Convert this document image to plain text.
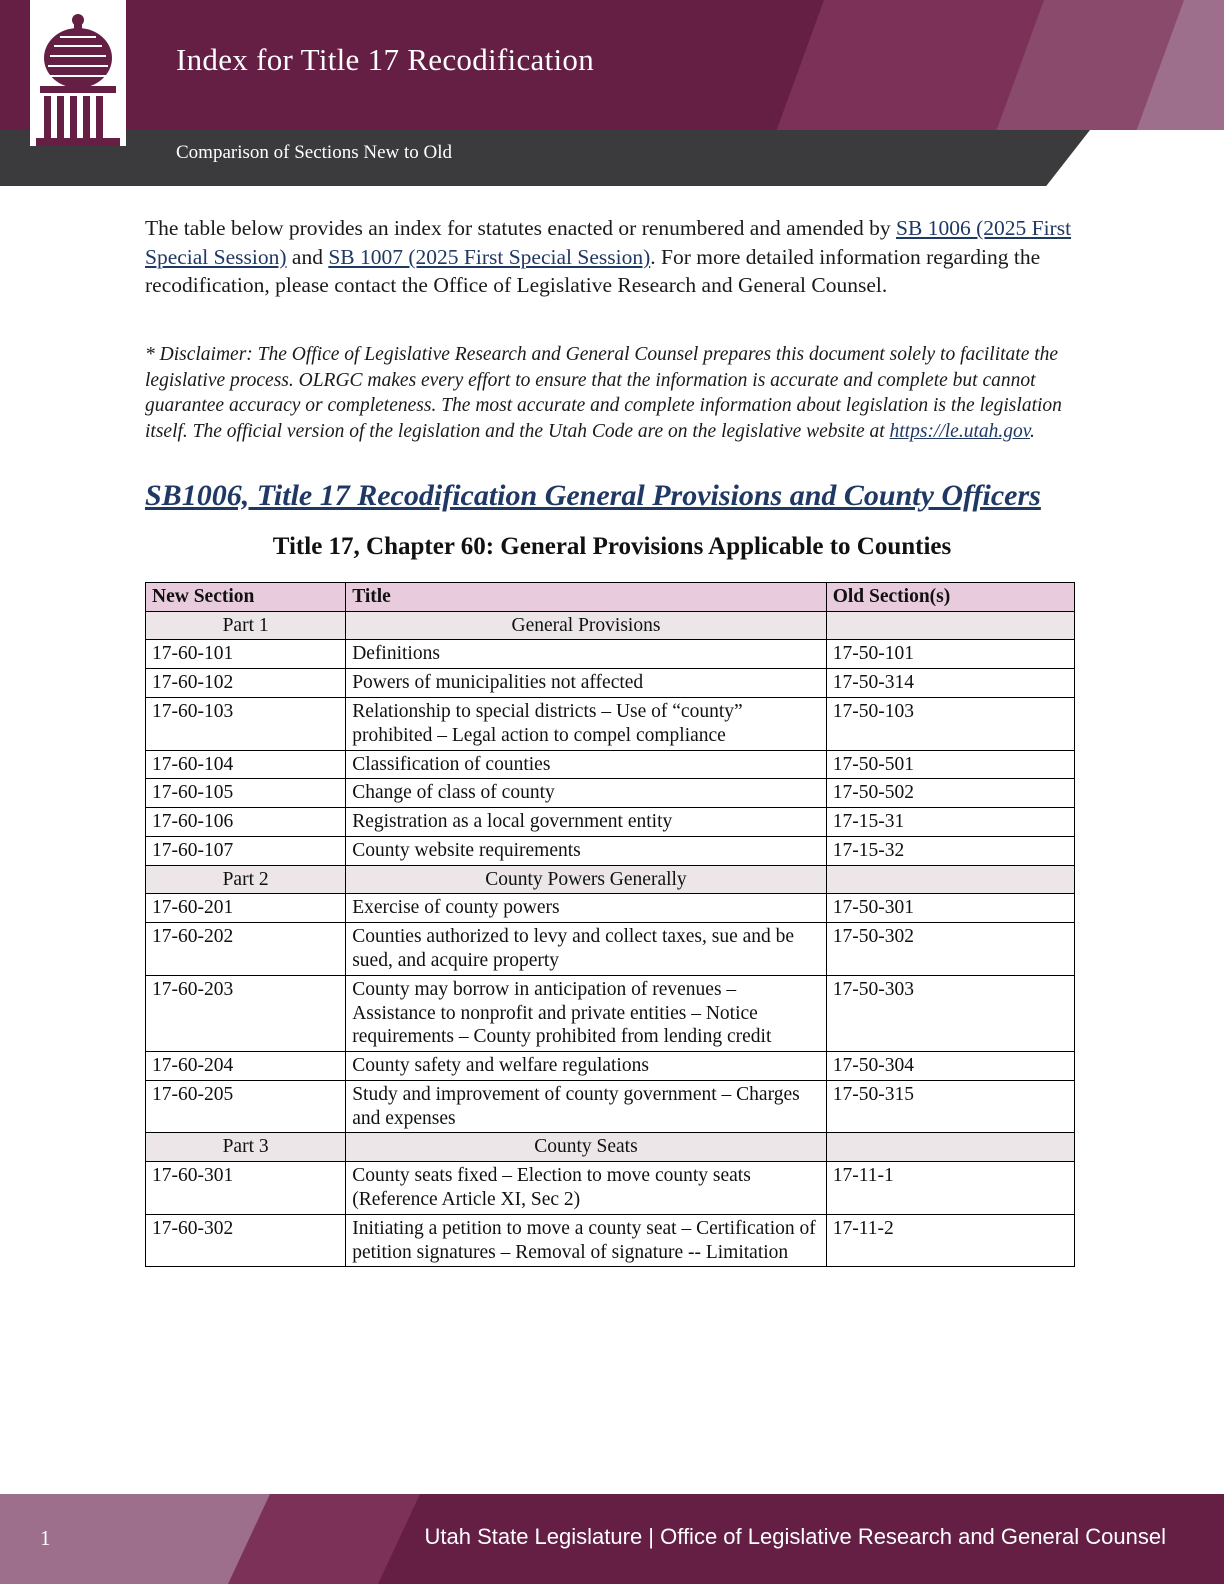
Index for Title 17 Recodification
Comparison of Sections New to Old

The table below provides an index for statutes enacted or renumbered and amended by SB 1006 (2025 First Special Session) and SB 1007 (2025 First Special Session). For more detailed information regarding the recodification, please contact the Office of Legislative Research and General Counsel.

* Disclaimer: The Office of Legislative Research and General Counsel prepares this document solely to facilitate the legislative process. OLRGC makes every effort to ensure that the information is accurate and complete but cannot guarantee accuracy or completeness. The most accurate and complete information about legislation is the legislation itself. The official version of the legislation and the Utah Code are on the legislative website at https://le.utah.gov.

SB1006, Title 17 Recodification General Provisions and County Officers
Title 17, Chapter 60: General Provisions Applicable to Counties
New Section	Title	Old Section(s)
Part 1	General Provisions	
17-60-101	Definitions	17-50-101
17-60-102	Powers of municipalities not affected	17-50-314
17-60-103	Relationship to special districts – Use of “county” prohibited – Legal action to compel compliance	17-50-103
17-60-104	Classification of counties	17-50-501
17-60-105	Change of class of county	17-50-502
17-60-106	Registration as a local government entity	17-15-31
17-60-107	County website requirements	17-15-32
Part 2	County Powers Generally	
17-60-201	Exercise of county powers	17-50-301
17-60-202	Counties authorized to levy and collect taxes, sue and be sued, and acquire property	17-50-302
17-60-203	County may borrow in anticipation of revenues – Assistance to nonprofit and private entities – Notice requirements – County prohibited from lending credit	17-50-303
17-60-204	County safety and welfare regulations	17-50-304
17-60-205	Study and improvement of county government – Charges and expenses	17-50-315
Part 3	County Seats	
17-60-301	County seats fixed – Election to move county seats (Reference Article XI, Sec 2)	17-11-1
17-60-302	Initiating a petition to move a county seat – Certification of petition signatures – Removal of signature -- Limitation	17-11-2
1	Utah State Legislature | Office of Legislative Research and General Counsel
